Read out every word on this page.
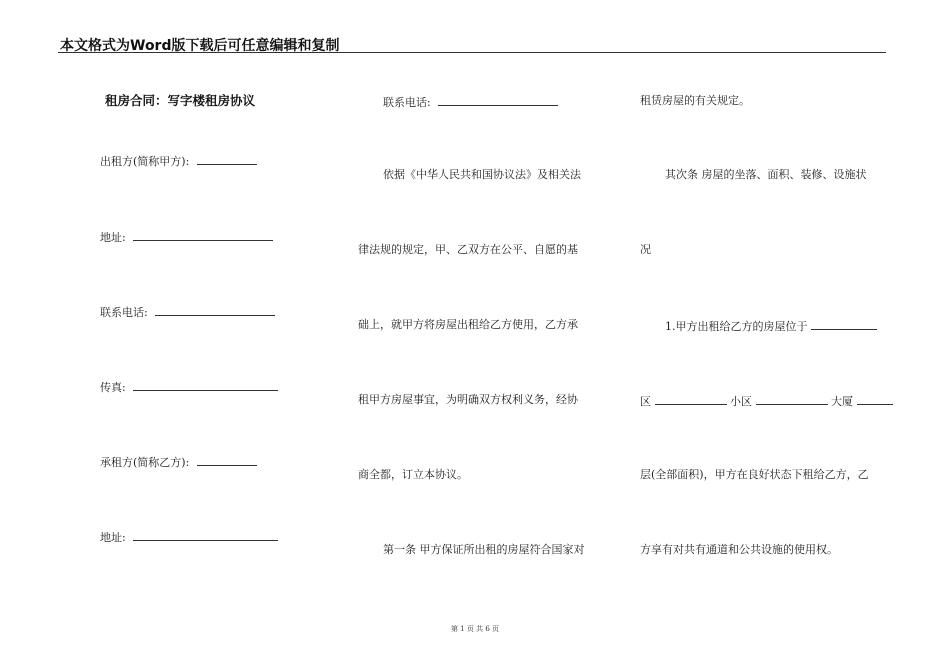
本文格式为Word版下载后可任意编辑和复制
租房合同：写字楼租房协议
出租方(简称甲方):
地址:
联系电话:
传真:
承租方(简称乙方):
地址:
联系电话:
依据《中华人民共和国协议法》及相关法
律法规的规定，甲、乙双方在公平、自愿的基
础上，就甲方将房屋出租给乙方使用，乙方承
租甲方房屋事宜，为明确双方权利义务，经协
商全都，订立本协议。
第一条 甲方保证所出租的房屋符合国家对
租赁房屋的有关规定。
其次条 房屋的坐落、面积、装修、设施状
况
1.甲方出租给乙方的房屋位于
区	小区	大厦
层(全部面积)，甲方在良好状态下租给乙方，乙
方享有对共有通道和公共设施的使用权。
第 1 页 共 6 页
